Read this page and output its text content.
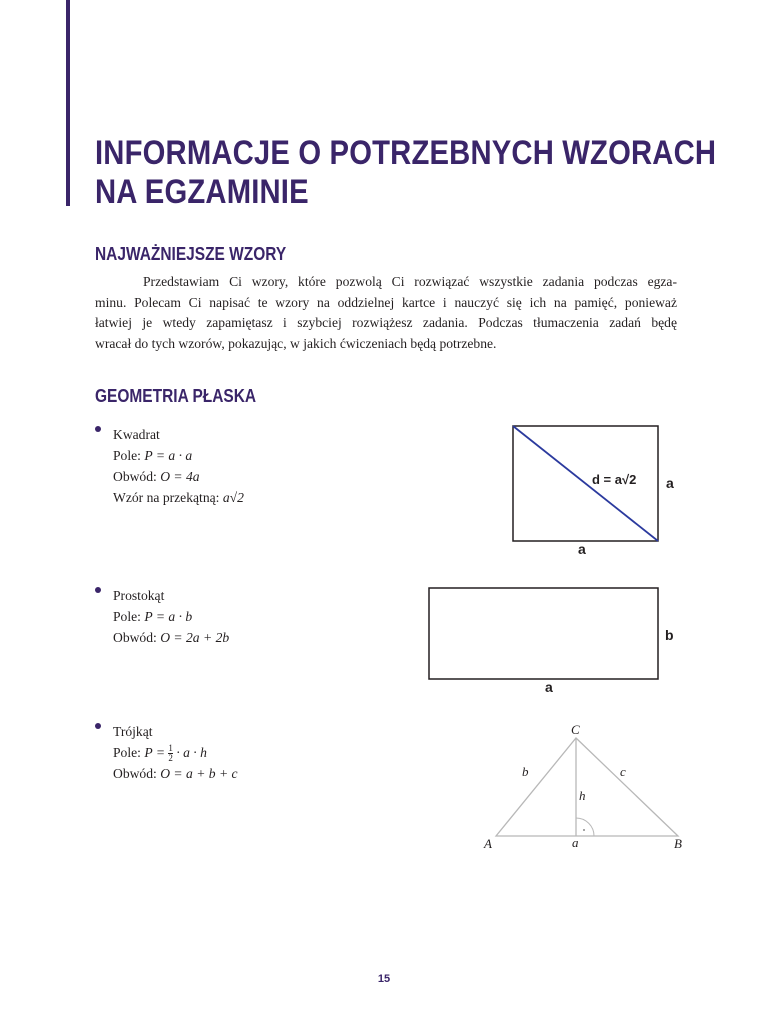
INFORMACJE O POTRZEBNYCH WZORACH
NA EGZAMINIE
NAJWAŻNIEJSZE WZORY
Przedstawiam Ci wzory, które pozwolą Ci rozwiązać wszystkie zadania podczas egza-
minu. Polecam Ci napisać te wzory na oddzielnej kartce i nauczyć się ich na pamięć, ponieważ
łatwiej je wtedy zapamiętasz i szybciej rozwiążesz zadania. Podczas tłumaczenia zadań będę
wracał do tych wzorów, pokazując, w jakich ćwiczeniach będą potrzebne.
GEOMETRIA PŁASKA
Kwadrat
Pole: P = a · a
Obwód: O = 4a
Wzór na przekątną: a√2
d = a√2 a
a
Prostokąt
Pole: P = a · b
Obwód: O = 2a + 2b	b
a
Trójkąt
Pole: $P = \frac{1}{2} \cdot a \cdot h$
Obwód: O = a + b + c
C
A	B
a
b	c
h
15
